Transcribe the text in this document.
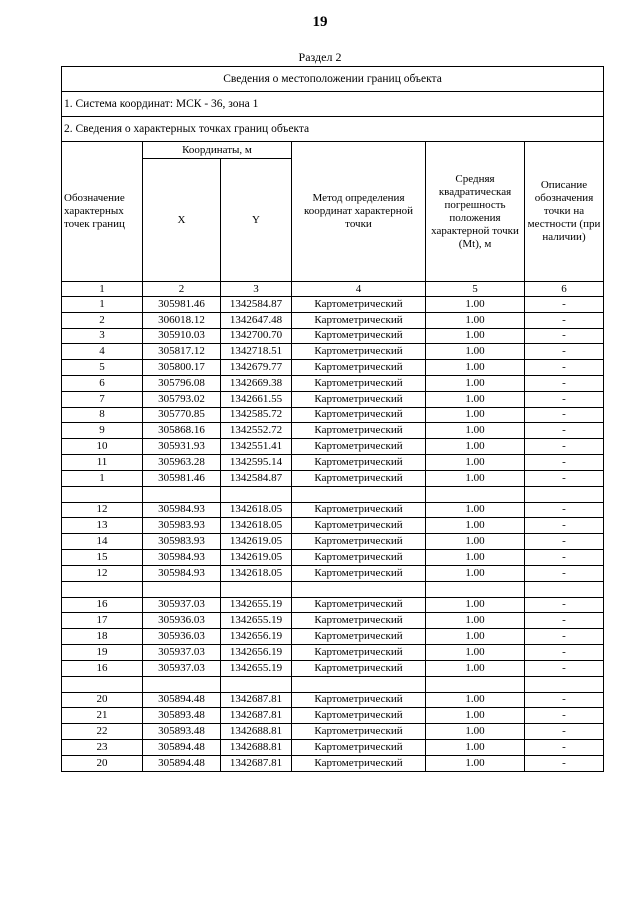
19
Раздел 2
Сведения о местоположении границ объекта					
1. Система координат: МСК - 36, зона 1					
2. Сведения о характерных точках границ объекта					
Обозначение характерных точек границ	Координаты, м		Метод определения координат характерной точки	Средняя квадратическая погрешность положения характерной точки (Mt), м	Описание обозначения точки на местности (при наличии)
	X	Y			
1	2	3	4	5	6
1	305981.46	1342584.87	Картометрический	1.00	-
2	306018.12	1342647.48	Картометрический	1.00	-
3	305910.03	1342700.70	Картометрический	1.00	-
4	305817.12	1342718.51	Картометрический	1.00	-
5	305800.17	1342679.77	Картометрический	1.00	-
6	305796.08	1342669.38	Картометрический	1.00	-
7	305793.02	1342661.55	Картометрический	1.00	-
8	305770.85	1342585.72	Картометрический	1.00	-
9	305868.16	1342552.72	Картометрический	1.00	-
10	305931.93	1342551.41	Картометрический	1.00	-
11	305963.28	1342595.14	Картометрический	1.00	-
1	305981.46	1342584.87	Картометрический	1.00	-

12	305984.93	1342618.05	Картометрический	1.00	-
13	305983.93	1342618.05	Картометрический	1.00	-
14	305983.93	1342619.05	Картометрический	1.00	-
15	305984.93	1342619.05	Картометрический	1.00	-
12	305984.93	1342618.05	Картометрический	1.00	-

16	305937.03	1342655.19	Картометрический	1.00	-
17	305936.03	1342655.19	Картометрический	1.00	-
18	305936.03	1342656.19	Картометрический	1.00	-
19	305937.03	1342656.19	Картометрический	1.00	-
16	305937.03	1342655.19	Картометрический	1.00	-

20	305894.48	1342687.81	Картометрический	1.00	-
21	305893.48	1342687.81	Картометрический	1.00	-
22	305893.48	1342688.81	Картометрический	1.00	-
23	305894.48	1342688.81	Картометрический	1.00	-
20	305894.48	1342687.81	Картометрический	1.00	-
